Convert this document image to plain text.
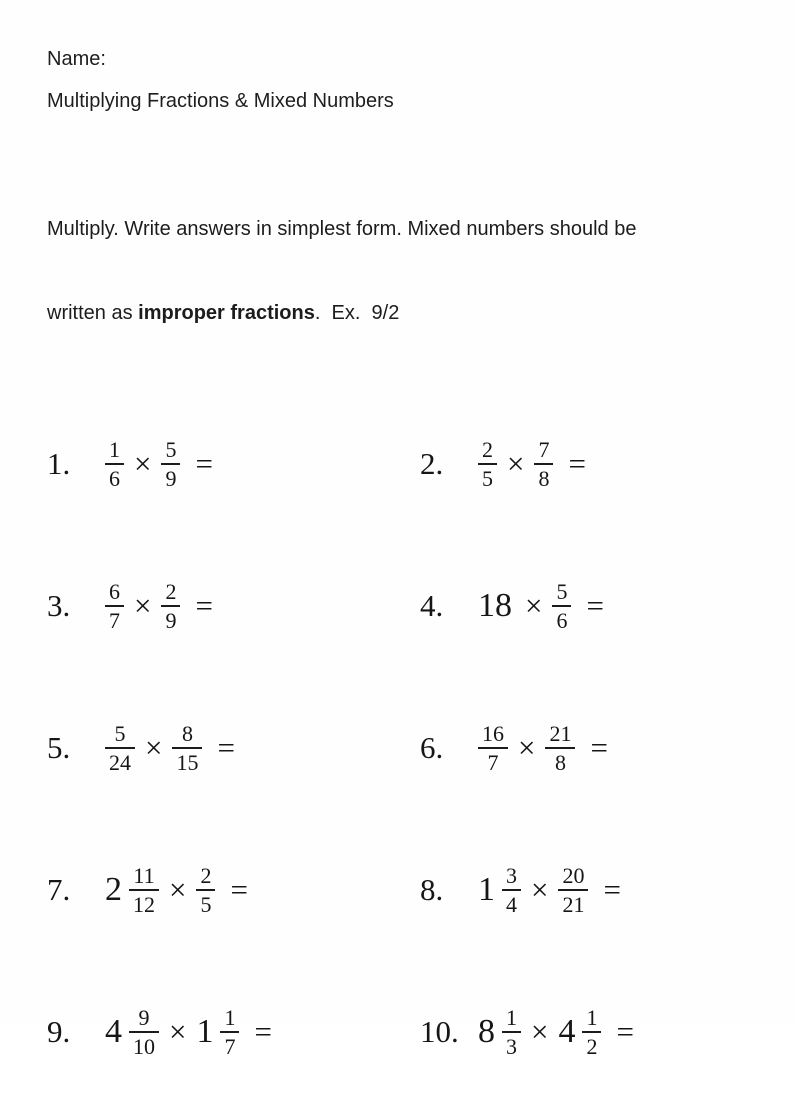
Name:
Multiplying Fractions & Mixed Numbers

Multiply. Write answers in simplest form. Mixed numbers should be

written as improper fractions.  Ex.  9/2

1.	$\frac{1}{6} \times \frac{5}{9}$ =	2.	$\frac{2}{5} \times \frac{7}{8}$ =
3.	$\frac{6}{7} \times \frac{2}{9}$ =	4.	$18 \times \frac{5}{6}$ =
5.	$\frac{5}{24} \times \frac{8}{15}$ =	6.	$\frac{16}{7} \times \frac{21}{8}$ =
7.	$2 \frac{11}{12} \times \frac{2}{5}$ =	8.	$1 \frac{3}{4} \times \frac{20}{21}$ =
9.	$4 \frac{9}{10} \times 1 \frac{1}{7}$ =	10. $8 \frac{1}{3} \times 4 \frac{1}{2}$ =
